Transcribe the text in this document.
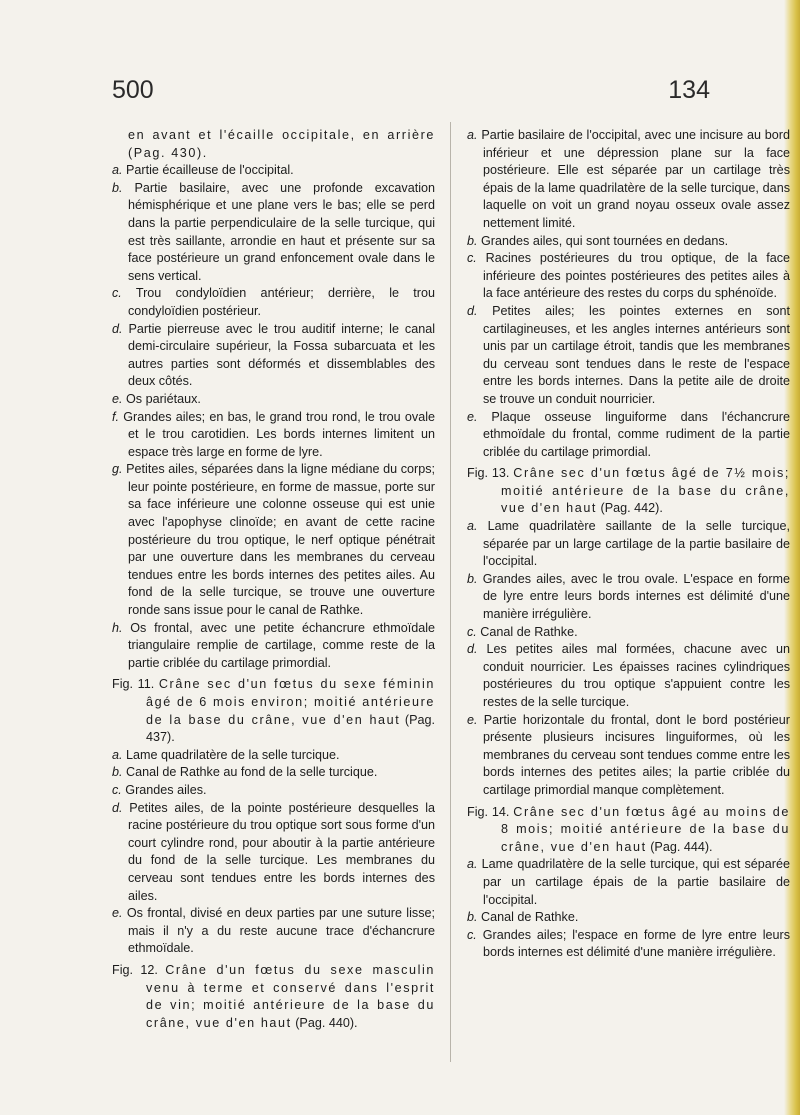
500	134

en avant et l'écaille occipitale, en arrière (Pag. 430).

a. Partie écailleuse de l'occipital.

b. Partie basilaire, avec une profonde excavation hémisphérique et une plane vers le bas; elle se perd dans la partie perpendiculaire de la selle turcique, qui est très saillante, arrondie en haut et présente sur sa face postérieure un grand enfoncement ovale dans le sens vertical.

c. Trou condyloïdien antérieur; derrière, le trou condyloïdien postérieur.

d. Partie pierreuse avec le trou auditif interne; le canal demi-circulaire supérieur, la Fossa subarcuata et les autres parties sont déformés et dissemblables des deux côtés.

e. Os pariétaux.

f. Grandes ailes; en bas, le grand trou rond, le trou ovale et le trou carotidien. Les bords internes limitent un espace très large en forme de lyre.

g. Petites ailes, séparées dans la ligne médiane du corps; leur pointe postérieure, en forme de massue, porte sur sa face inférieure une colonne osseuse qui est unie avec l'apophyse clinoïde; en avant de cette racine postérieure du trou optique, le nerf optique pénétrait par une ouverture dans les membranes du cerveau tendues entre les bords internes des petites ailes. Au fond de la selle turcique, se trouve une ouverture ronde sans issue pour le canal de Rathke.

h. Os frontal, avec une petite échancrure ethmoïdale triangulaire remplie de cartilage, comme reste de la partie criblée du cartilage primordial.

Fig. 11. Crâne sec d'un fœtus du sexe féminin âgé de 6 mois environ; moitié antérieure de la base du crâne, vue d'en haut (Pag. 437).

a. Lame quadrilatère de la selle turcique.

b. Canal de Rathke au fond de la selle turcique.

c. Grandes ailes.

d. Petites ailes, de la pointe postérieure desquelles la racine postérieure du trou optique sort sous forme d'un court cylindre rond, pour aboutir à la partie antérieure du fond de la selle turcique. Les membranes du cerveau sont tendues entre les bords internes des ailes.

e. Os frontal, divisé en deux parties par une suture lisse; mais il n'y a du reste aucune trace d'échancrure ethmoïdale.

Fig. 12. Crâne d'un fœtus du sexe masculin venu à terme et conservé dans l'esprit de vin; moitié antérieure de la base du crâne, vue d'en haut (Pag. 440).

a. Partie basilaire de l'occipital, avec une incisure au bord inférieur et une dépression plane sur la face postérieure. Elle est séparée par un cartilage très épais de la lame quadrilatère de la selle turcique, dans laquelle on voit un grand noyau osseux ovale assez nettement limité.

b. Grandes ailes, qui sont tournées en dedans.

c. Racines postérieures du trou optique, de la face inférieure des pointes postérieures des petites ailes à la face antérieure des restes du corps du sphénoïde.

d. Petites ailes; les pointes externes en sont cartilagineuses, et les angles internes antérieurs sont unis par un cartilage étroit, tandis que les membranes du cerveau sont tendues dans le reste de l'espace entre les bords internes. Dans la petite aile de droite se trouve un conduit nourricier.

e. Plaque osseuse linguiforme dans l'échancrure ethmoïdale du frontal, comme rudiment de la partie criblée du cartilage primordial.

Fig. 13. Crâne sec d'un fœtus âgé de 7½ mois; moitié antérieure de la base du crâne, vue d'en haut (Pag. 442).

a. Lame quadrilatère saillante de la selle turcique, séparée par un large cartilage de la partie basilaire de l'occipital.

b. Grandes ailes, avec le trou ovale. L'espace en forme de lyre entre leurs bords internes est délimité d'une manière irrégulière.

c. Canal de Rathke.

d. Les petites ailes mal formées, chacune avec un conduit nourricier. Les épaisses racines cylindriques postérieures du trou optique s'appuient contre les restes de la selle turcique.

e. Partie horizontale du frontal, dont le bord postérieur présente plusieurs incisures linguiformes, où les membranes du cerveau sont tendues comme entre les bords internes des petites ailes; la partie criblée du cartilage primordial manque complètement.

Fig. 14. Crâne sec d'un fœtus âgé au moins de 8 mois; moitié antérieure de la base du crâne, vue d'en haut (Pag. 444).

a. Lame quadrilatère de la selle turcique, qui est séparée par un cartilage épais de la partie basilaire de l'occipital.

b. Canal de Rathke.

c. Grandes ailes; l'espace en forme de lyre entre leurs bords internes est délimité d'une manière irrégulière.
